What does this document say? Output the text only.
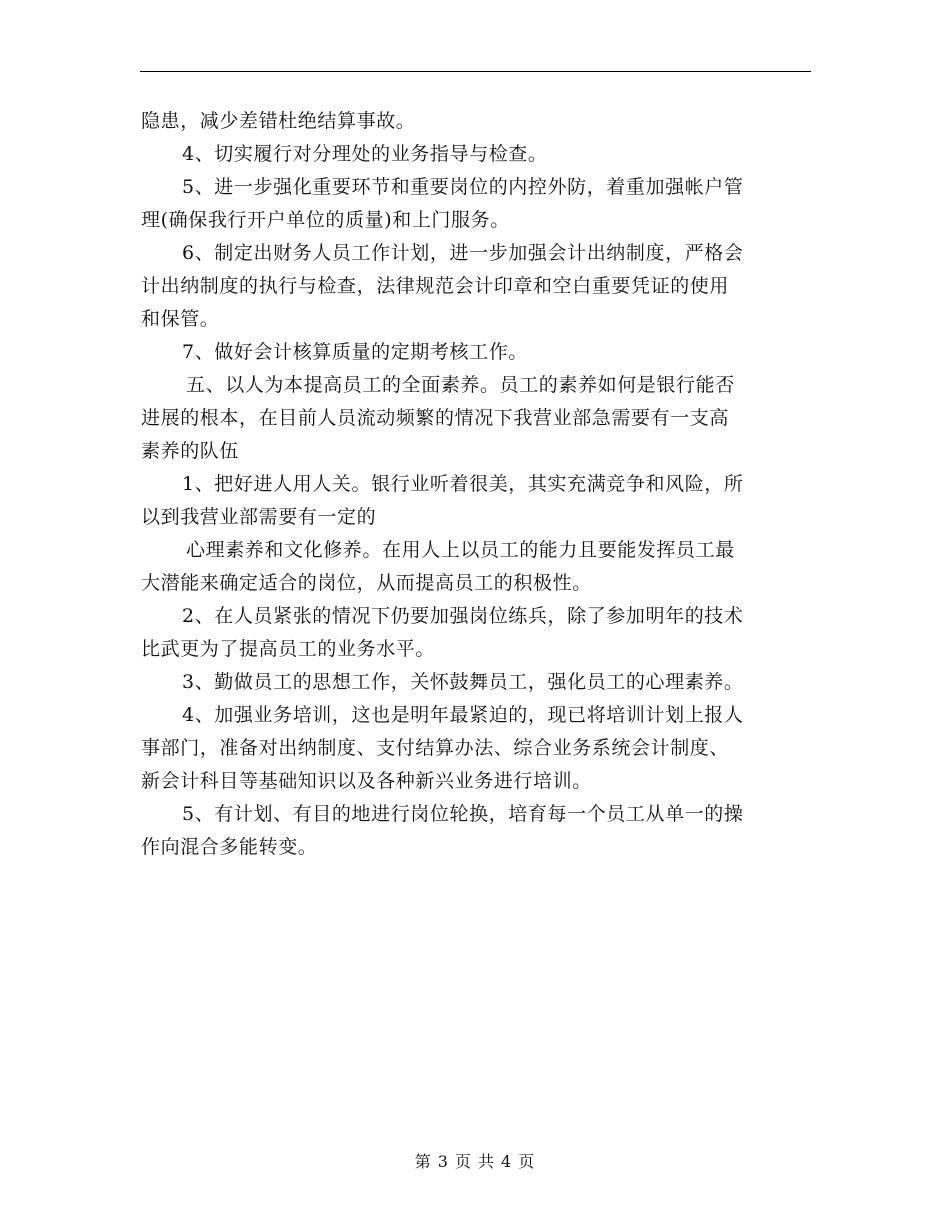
隐患，减少差错杜绝结算事故。
4、切实履行对分理处的业务指导与检查。
5、进一步强化重要环节和重要岗位的内控外防，着重加强帐户管
理(确保我行开户单位的质量)和上门服务。
6、制定出财务人员工作计划，进一步加强会计出纳制度，严格会
计出纳制度的执行与检查，法律规范会计印章和空白重要凭证的使用
和保管。
7、做好会计核算质量的定期考核工作。
五、以人为本提高员工的全面素养。员工的素养如何是银行能否
进展的根本，在目前人员流动频繁的情况下我营业部急需要有一支高
素养的队伍
1、把好进人用人关。银行业听着很美，其实充满竞争和风险，所
以到我营业部需要有一定的
心理素养和文化修养。在用人上以员工的能力且要能发挥员工最
大潜能来确定适合的岗位，从而提高员工的积极性。
2、在人员紧张的情况下仍要加强岗位练兵，除了参加明年的技术
比武更为了提高员工的业务水平。
3、勤做员工的思想工作，关怀鼓舞员工，强化员工的心理素养。
4、加强业务培训，这也是明年最紧迫的，现已将培训计划上报人
事部门，准备对出纳制度、支付结算办法、综合业务系统会计制度、
新会计科目等基础知识以及各种新兴业务进行培训。
5、有计划、有目的地进行岗位轮换，培育每一个员工从单一的操
作向混合多能转变。
第 3 页 共 4 页
